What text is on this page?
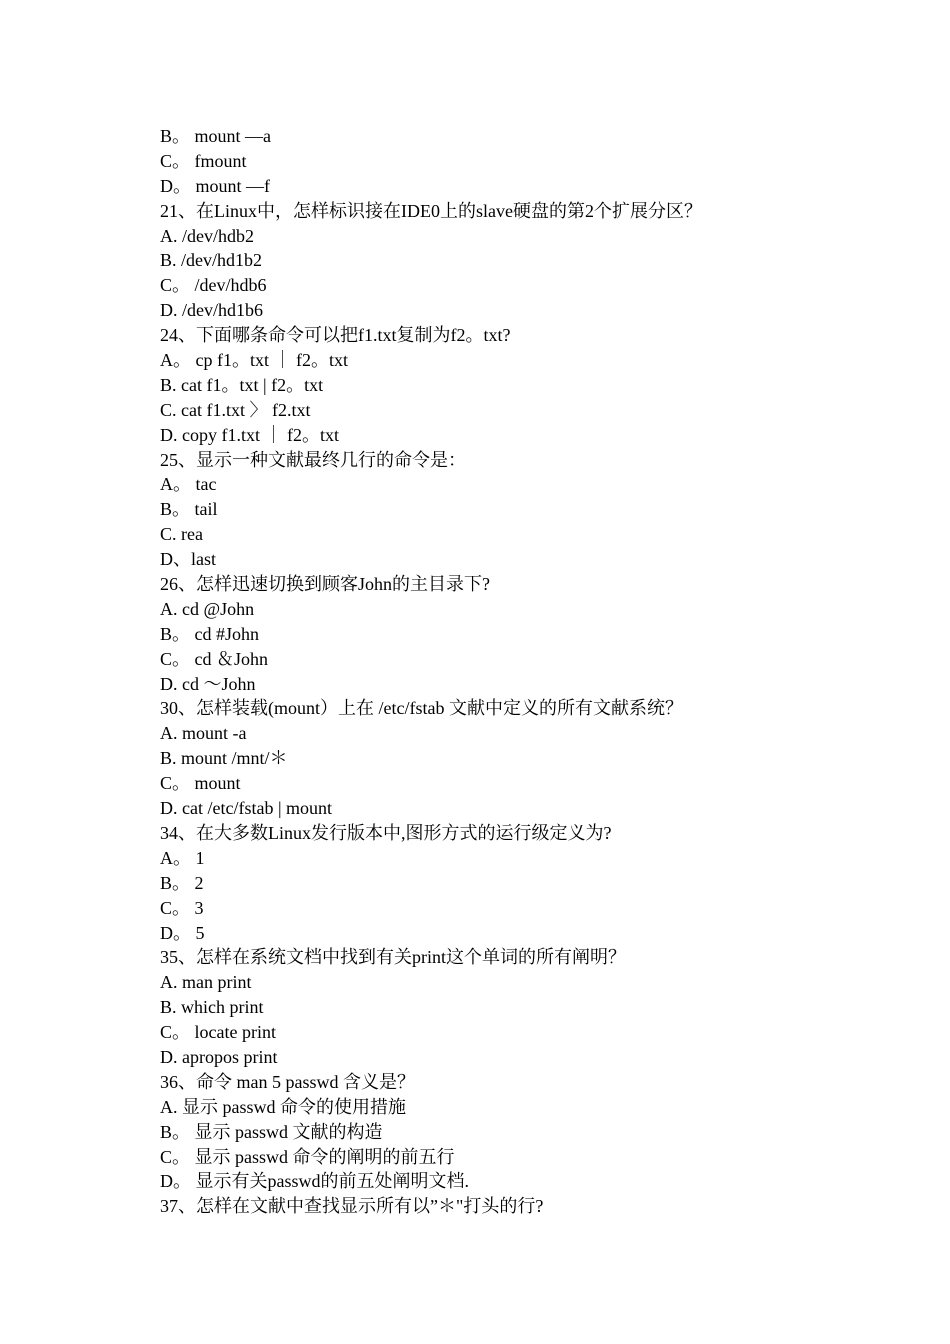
B。 mount —a
C。 fmount
D。 mount —f
21、在Linux中，怎样标识接在IDE0上的slave硬盘的第2个扩展分区？
A. /dev/hdb2
B. /dev/hd1b2
C。 /dev/hdb6
D. /dev/hd1b6
24、下面哪条命令可以把f1.txt复制为f2。txt?
A。 cp f1。txt ｜ f2。txt
B. cat f1。txt | f2。txt
C. cat f1.txt 〉 f2.txt
D. copy f1.txt ｜ f2。txt
25、显示一种文献最终几行的命令是：
A。 tac
B。 tail
C. rea
D、last
26、怎样迅速切换到顾客John的主目录下?
A. cd @John
B。 cd #John
C。 cd ＆John
D. cd ～John
30、怎样装载(mount）上在 /etc/fstab 文献中定义的所有文献系统？
A. mount -a
B. mount /mnt/＊
C。 mount
D. cat /etc/fstab | mount
34、在大多数Linux发行版本中,图形方式的运行级定义为?
A。 1
B。 2
C。 3
D。 5
35、怎样在系统文档中找到有关print这个单词的所有阐明？
A. man print
B. which print
C。 locate print
D. apropos print
36、命令 man 5 passwd 含义是？
A. 显示 passwd 命令的使用措施
B。 显示 passwd 文献的构造
C。 显示 passwd 命令的阐明的前五行
D。 显示有关passwd的前五处阐明文档.
37、怎样在文献中查找显示所有以”＊"打头的行?
